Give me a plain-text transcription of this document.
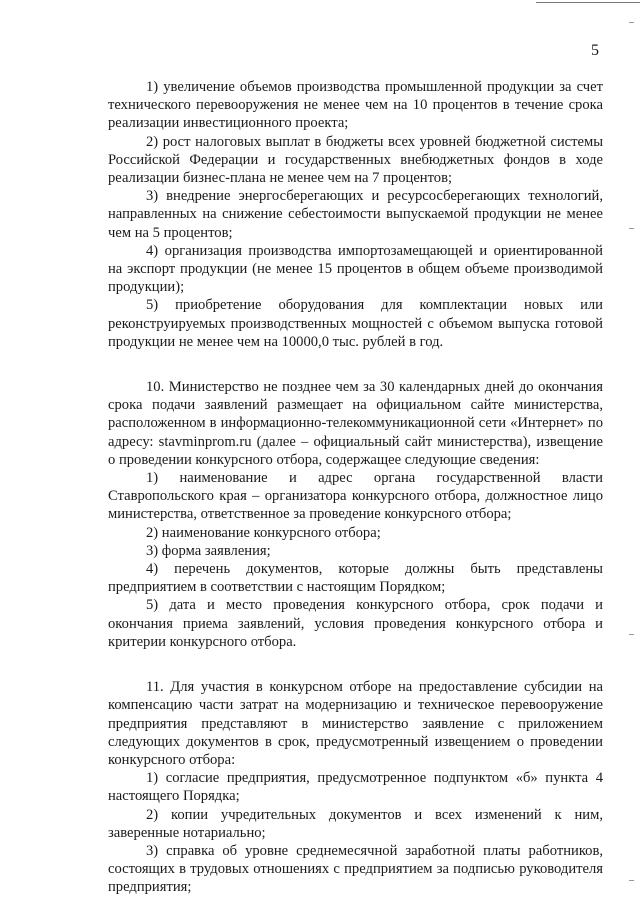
5

1) увеличение объемов производства промышленной продукции за счет технического перевооружения не менее чем на 10 процентов в течение срока реализации инвестиционного проекта;

2) рост налоговых выплат в бюджеты всех уровней бюджетной системы Российской Федерации и государственных внебюджетных фондов в ходе реализации бизнес-плана не менее чем на 7 процентов;

3) внедрение энергосберегающих и ресурсосберегающих технологий, направленных на снижение себестоимости выпускаемой продукции не менее чем на 5 процентов;

4) организация производства импортозамещающей и ориентированной на экспорт продукции (не менее 15 процентов в общем объеме производимой продукции);

5) приобретение оборудования для комплектации новых или реконструируемых производственных мощностей с объемом выпуска готовой продукции не менее чем на 10000,0 тыс. рублей в год.

10. Министерство не позднее чем за 30 календарных дней до окончания срока подачи заявлений размещает на официальном сайте министерства, расположенном в информационно-телекоммуникационной сети «Интернет» по адресу: stavminprom.ru (далее – официальный сайт министерства), извещение о проведении конкурсного отбора, содержащее следующие сведения:

1) наименование и адрес органа государственной власти Ставропольского края – организатора конкурсного отбора, должностное лицо министерства, ответственное за проведение конкурсного отбора;

2) наименование конкурсного отбора;

3) форма заявления;

4) перечень документов, которые должны быть представлены предприятием в соответствии с настоящим Порядком;

5) дата и место проведения конкурсного отбора, срок подачи и окончания приема заявлений, условия проведения конкурсного отбора и критерии конкурсного отбора.

11. Для участия в конкурсном отборе на предоставление субсидии на компенсацию части затрат на модернизацию и техническое перевооружение предприятия представляют в министерство заявление с приложением следующих документов в срок, предусмотренный извещением о проведении конкурсного отбора:

1) согласие предприятия, предусмотренное подпунктом «б» пункта 4 настоящего Порядка;

2) копии учредительных документов и всех изменений к ним, заверенные нотариально;

3) справка об уровне среднемесячной заработной платы работников, состоящих в трудовых отношениях с предприятием за подписью руководителя предприятия;
